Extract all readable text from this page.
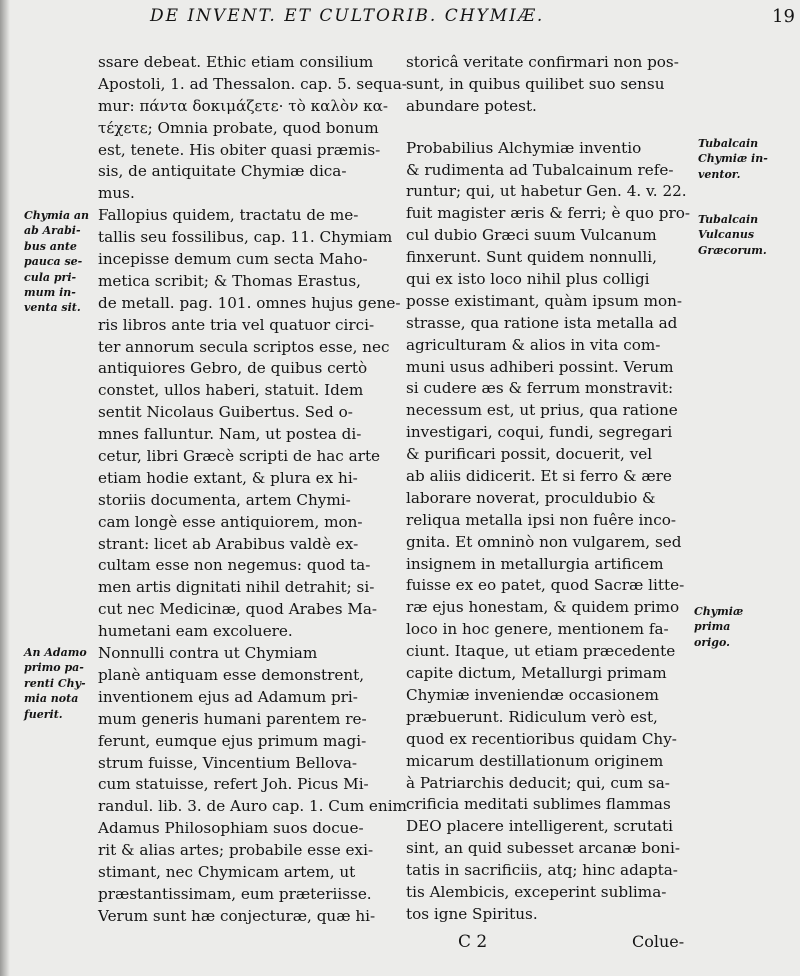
DE INVENT. ET CULTORIB. CHYMIÆ.	19
ssare debeat. Ethic etiam consilium
Apostoli, 1. ad Thessalon. cap. 5. sequa-
mur: πάντα δοκιμάζετε· τὸ καλὸν κα-
τέχετε; Omnia probate, quod bonum
est, tenete. His obiter quasi præmis-
sis, de antiquitate Chymiæ dica-
mus.
Fallopius quidem, tractatu de me-
tallis seu fossilibus, cap. 11. Chymiam
incepisse demum cum secta Maho-
metica scribit; & Thomas Erastus,
de metall. pag. 101. omnes hujus gene-
ris libros ante tria vel quatuor circi-
ter annorum secula scriptos esse, nec
antiquiores Gebro, de quibus certò
constet, ullos haberi, statuit. Idem
sentit Nicolaus Guibertus. Sed o-
mnes falluntur. Nam, ut postea di-
cetur, libri Græcè scripti de hac arte
etiam hodie extant, & plura ex hi-
storiis documenta, artem Chymi-
cam longè esse antiquiorem, mon-
strant: licet ab Arabibus valdè ex-
cultam esse non negemus: quod ta-
men artis dignitati nihil detrahit; si-
cut nec Medicinæ, quod Arabes Ma-
humetani eam excoluere.
Nonnulli contra ut Chymiam
planè antiquam esse demonstrent,
inventionem ejus ad Adamum pri-
mum generis humani parentem re-
ferunt, eumque ejus primum magi-
strum fuisse, Vincentium Bellova-
cum statuisse, refert Joh. Picus Mi-
randul. lib. 3. de Auro cap. 1. Cum enim
Adamus Philosophiam suos docue-
rit & alias artes; probabile esse exi-
stimant, nec Chymicam artem, ut
præstantissimam, eum præteriisse.
Verum sunt hæ conjecturæ, quæ hi-
storicâ veritate confirmari non pos-
sunt, in quibus quilibet suo sensu
abundare potest.
Probabilius Alchymiæ inventio
& rudimenta ad Tubalcainum refe-
runtur; qui, ut habetur Gen. 4. v. 22.
fuit magister æris & ferri; è quo pro-
cul dubio Græci suum Vulcanum
finxerunt. Sunt quidem nonnulli,
qui ex isto loco nihil plus colligi
posse existimant, quàm ipsum mon-
strasse, qua ratione ista metalla ad
agriculturam & alios in vita com-
muni usus adhiberi possint. Verum
si cudere æs & ferrum monstravit:
necessum est, ut prius, qua ratione
investigari, coqui, fundi, segregari
& purificari possit, docuerit, vel
ab aliis didicerit. Et si ferro & ære
laborare noverat, proculdubio &
reliqua metalla ipsi non fuêre inco-
gnita. Et omninò non vulgarem, sed
insignem in metallurgia artificem
fuisse ex eo patet, quod Sacræ litte-
ræ ejus honestam, & quidem primo
loco in hoc genere, mentionem fa-
ciunt. Itaque, ut etiam præcedente
capite dictum, Metallurgi primam
Chymiæ inveniendæ occasionem
præbuerunt. Ridiculum verò est,
quod ex recentioribus quidam Chy-
micarum destillationum originem
à Patriarchis deducit; qui, cum sa-
crificia meditati sublimes flammas
DEO placere intelligerent, scrutati
sint, an quid subesset arcanæ boni-
tatis in sacrificiis, atq; hinc adapta-
tis Alembicis, exceperint sublima-
tos igne Spiritus.
Chymia an
ab Arabi-
bus ante
pauca se-
cula pri-
mum in-
venta sit.
An Adamo
primo pa-
renti Chy-
mia nota
fuerit.
Tubalcain
Chymiæ in-
ventor.
Tubalcain
Vulcanus
Græcorum.
Chymiæ
prima
origo.
C 2	Colue-
